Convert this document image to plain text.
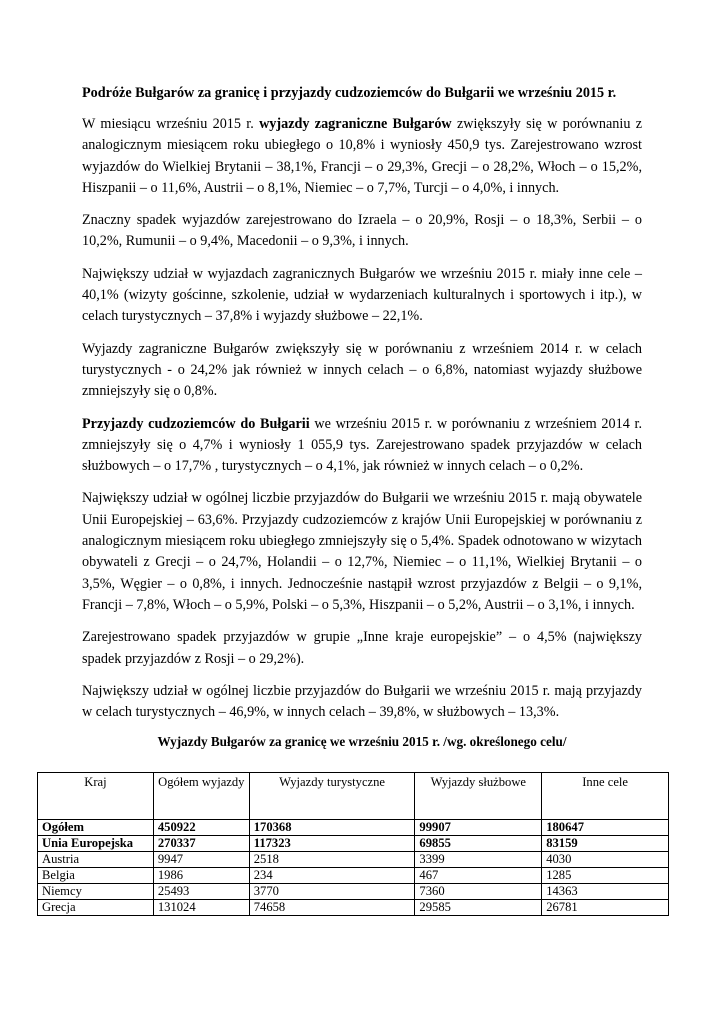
Podróże Bułgarów za granicę i przyjazdy cudzoziemców do Bułgarii we wrześniu 2015 r.

W miesiącu wrześniu 2015 r. wyjazdy zagraniczne Bułgarów zwiększyły się w porównaniu z analogicznym miesiącem roku ubiegłego o 10,8% i wyniosły 450,9 tys. Zarejestrowano wzrost wyjazdów do Wielkiej Brytanii – 38,1%, Francji – o 29,3%, Grecji – o 28,2%, Włoch – o 15,2%, Hiszpanii – o 11,6%, Austrii – o 8,1%, Niemiec – o 7,7%, Turcji – o 4,0%, i innych.

Znaczny spadek wyjazdów zarejestrowano do Izraela – o 20,9%, Rosji – o 18,3%, Serbii – o 10,2%, Rumunii – o 9,4%, Macedonii – o 9,3%, i innych.

Największy udział w wyjazdach zagranicznych Bułgarów we wrześniu 2015 r. miały inne cele – 40,1% (wizyty gościnne, szkolenie, udział w wydarzeniach kulturalnych i sportowych i itp.), w celach turystycznych – 37,8% i wyjazdy służbowe – 22,1%.

Wyjazdy zagraniczne Bułgarów zwiększyły się w porównaniu z wrześniem 2014 r. w celach turystycznych - o 24,2% jak również w innych celach – o 6,8%, natomiast wyjazdy służbowe zmniejszyły się o 0,8%.

Przyjazdy cudzoziemców do Bułgarii we wrześniu 2015 r. w porównaniu z wrześniem 2014 r. zmniejszyły się o 4,7% i wyniosły 1 055,9 tys. Zarejestrowano spadek przyjazdów w celach służbowych – o 17,7% , turystycznych – o 4,1%, jak również w innych celach – o 0,2%.

Największy udział w ogólnej liczbie przyjazdów do Bułgarii we wrześniu 2015 r. mają obywatele Unii Europejskiej – 63,6%. Przyjazdy cudzoziemców z krajów Unii Europejskiej w porównaniu z analogicznym miesiącem roku ubiegłego zmniejszyły się o 5,4%. Spadek odnotowano w wizytach obywateli z Grecji – o 24,7%, Holandii – o 12,7%, Niemiec – o 11,1%, Wielkiej Brytanii – o 3,5%, Węgier – o 0,8%, i innych. Jednocześnie nastąpił wzrost przyjazdów z Belgii – o 9,1%, Francji – 7,8%, Włoch – o 5,9%, Polski – o 5,3%, Hiszpanii – o 5,2%, Austrii – o 3,1%, i innych.

Zarejestrowano spadek przyjazdów w grupie „Inne kraje europejskie” – o 4,5% (największy spadek przyjazdów z Rosji – o 29,2%).

Największy udział w ogólnej liczbie przyjazdów do Bułgarii we wrześniu 2015 r. mają przyjazdy w celach turystycznych – 46,9%, w innych celach – 39,8%, w służbowych – 13,3%.

Wyjazdy Bułgarów za granicę we wrześniu 2015 r. /wg. określonego celu/
Kraj	Ogółem wyjazdy	Wyjazdy turystyczne	Wyjazdy służbowe	Inne cele
Ogółem	450922	170368	99907	180647
Unia Europejska	270337	117323	69855	83159
Austria	9947	2518	3399	4030
Belgia	1986	234	467	1285
Niemcy	25493	3770	7360	14363
Grecja	131024	74658	29585	26781
